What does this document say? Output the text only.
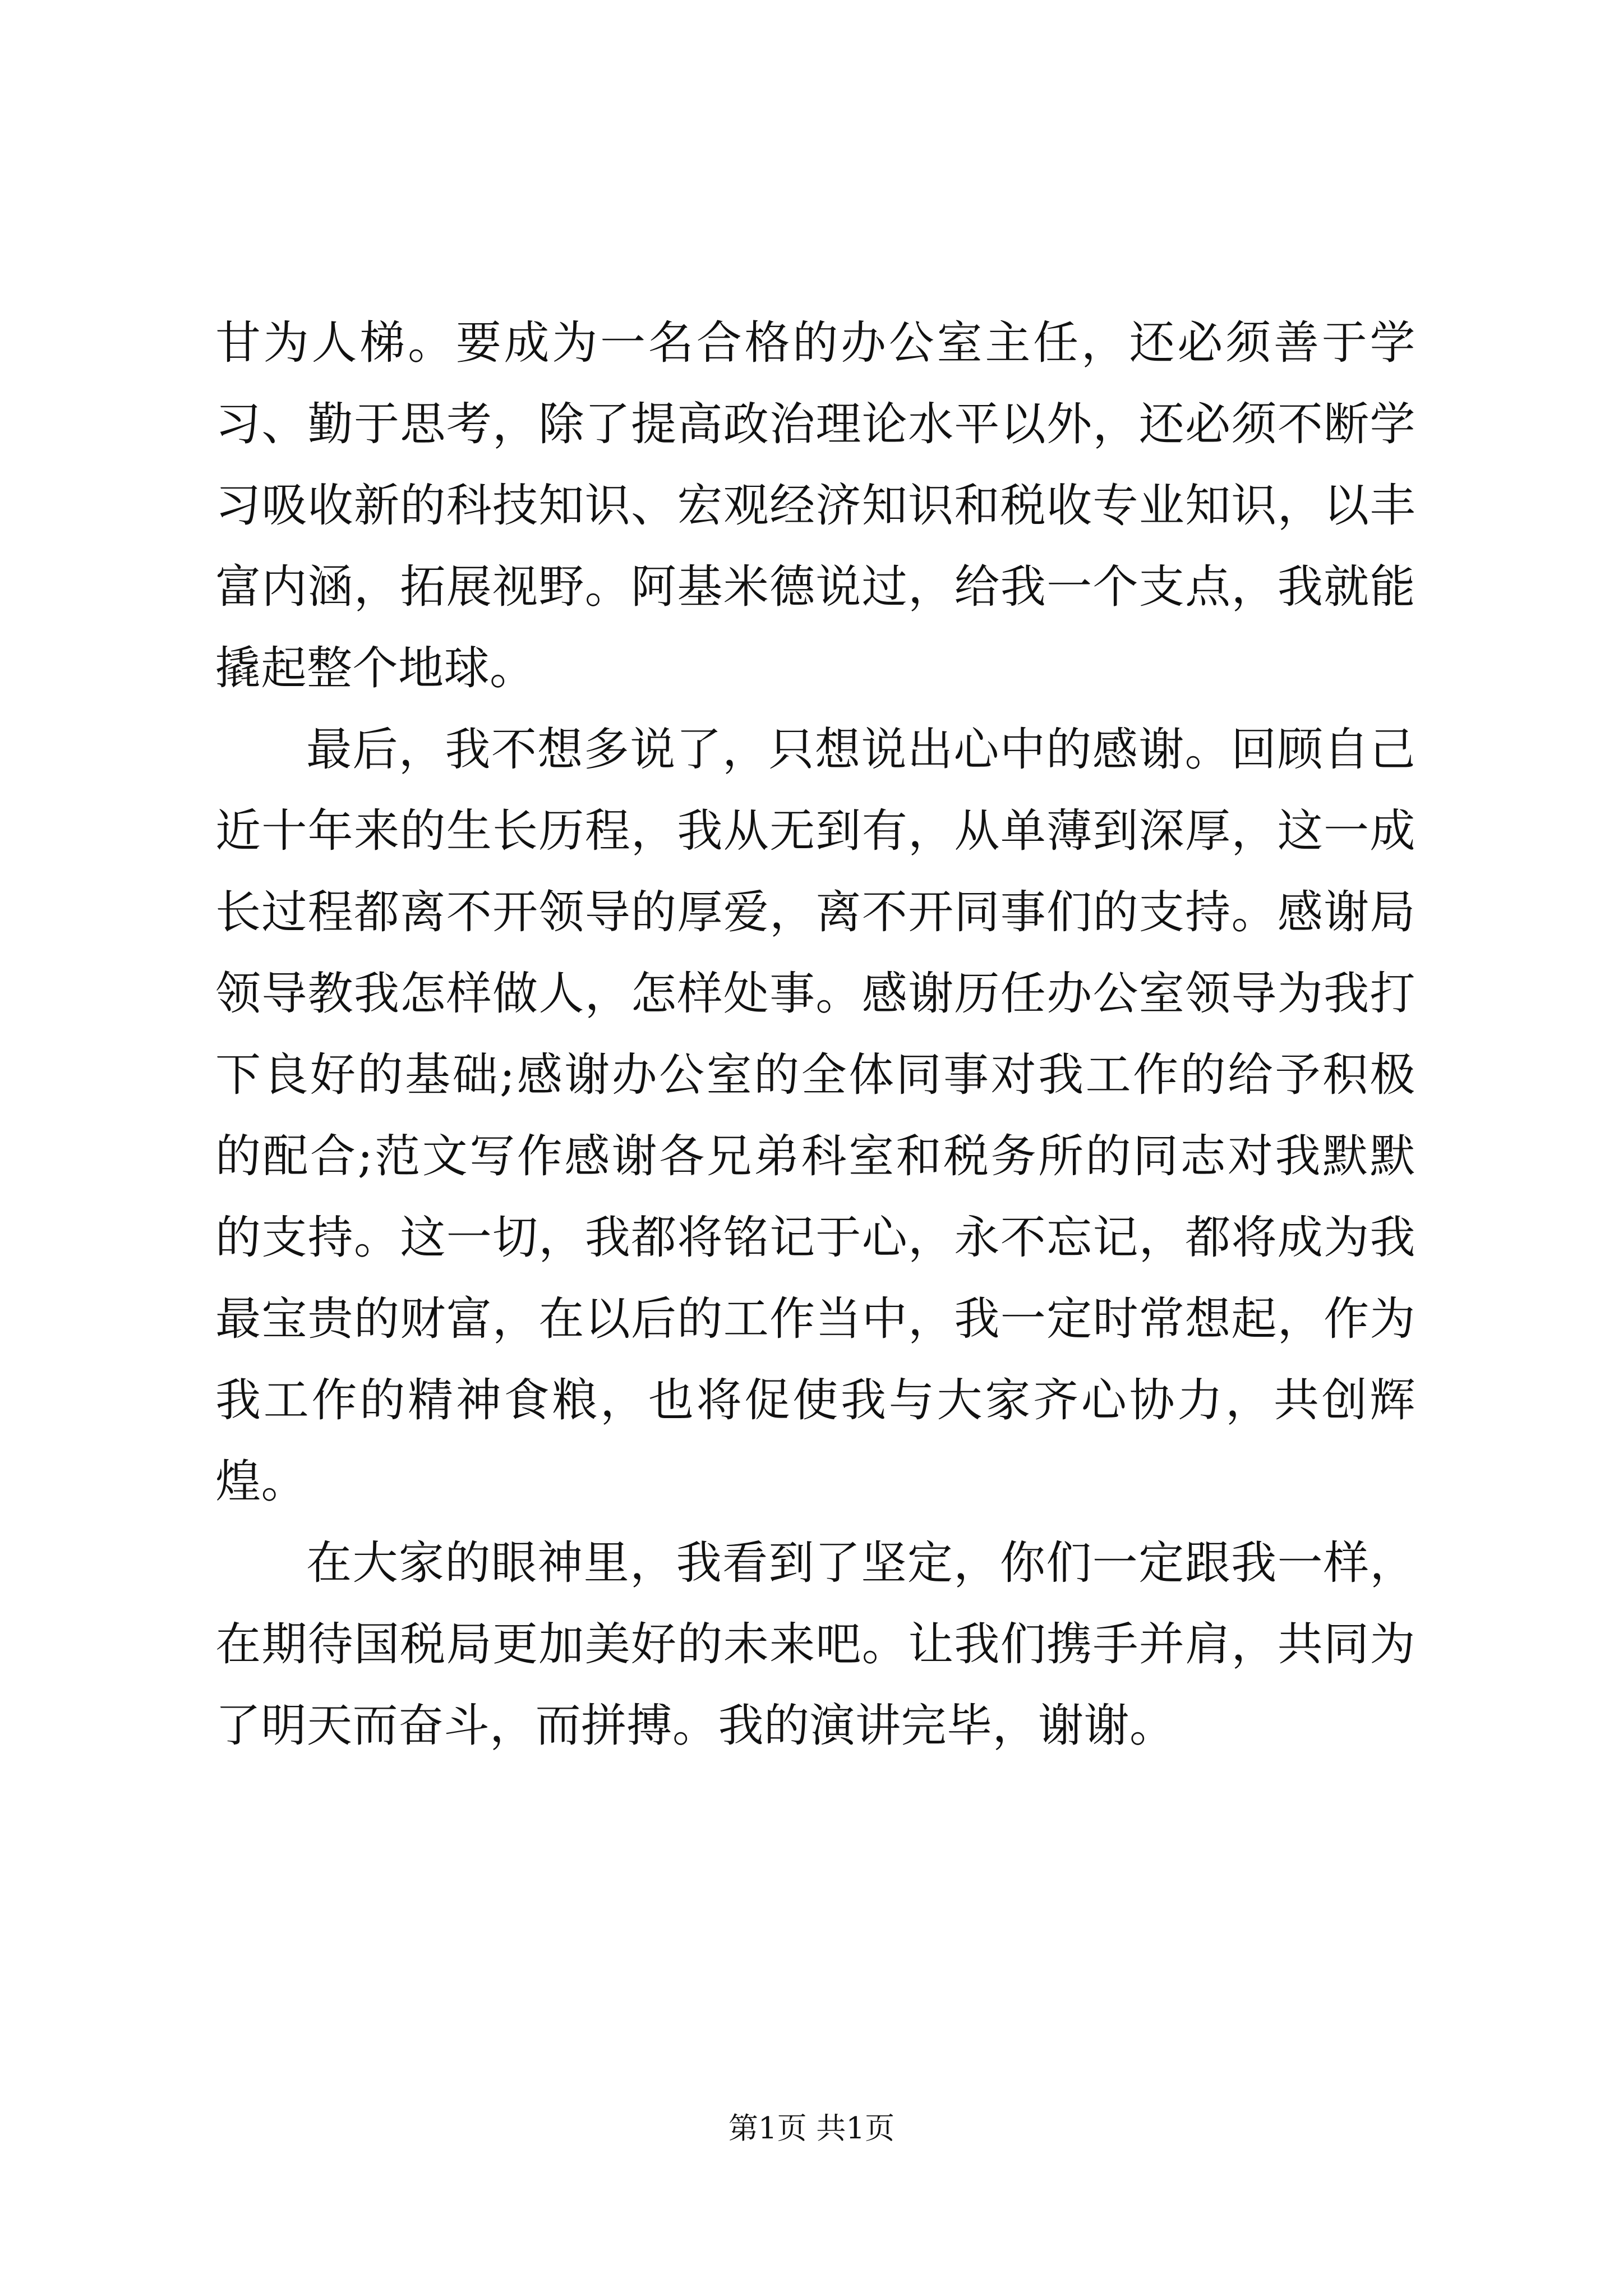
甘为人梯。要成为一名合格的办公室主任，还必须善于学习、勤于思考，除了提高政治理论水平以外，还必须不断学习吸收新的科技知识、宏观经济知识和税收专业知识，以丰富内涵，拓展视野。阿基米德说过，给我一个支点，我就能撬起整个地球。

最后，我不想多说了，只想说出心中的感谢。回顾自己近十年来的生长历程，我从无到有，从单薄到深厚，这一成长过程都离不开领导的厚爱，离不开同事们的支持。感谢局领导教我怎样做人，怎样处事。感谢历任办公室领导为我打下良好的基础;感谢办公室的全体同事对我工作的给予积极的配合;范文写作感谢各兄弟科室和税务所的同志对我默默的支持。这一切，我都将铭记于心，永不忘记，都将成为我最宝贵的财富，在以后的工作当中，我一定时常想起，作为我工作的精神食粮，也将促使我与大家齐心协力，共创辉煌。

在大家的眼神里，我看到了坚定，你们一定跟我一样，在期待国税局更加美好的未来吧。让我们携手并肩，共同为了明天而奋斗，而拼搏。我的演讲完毕，谢谢。

第1页 共1页
